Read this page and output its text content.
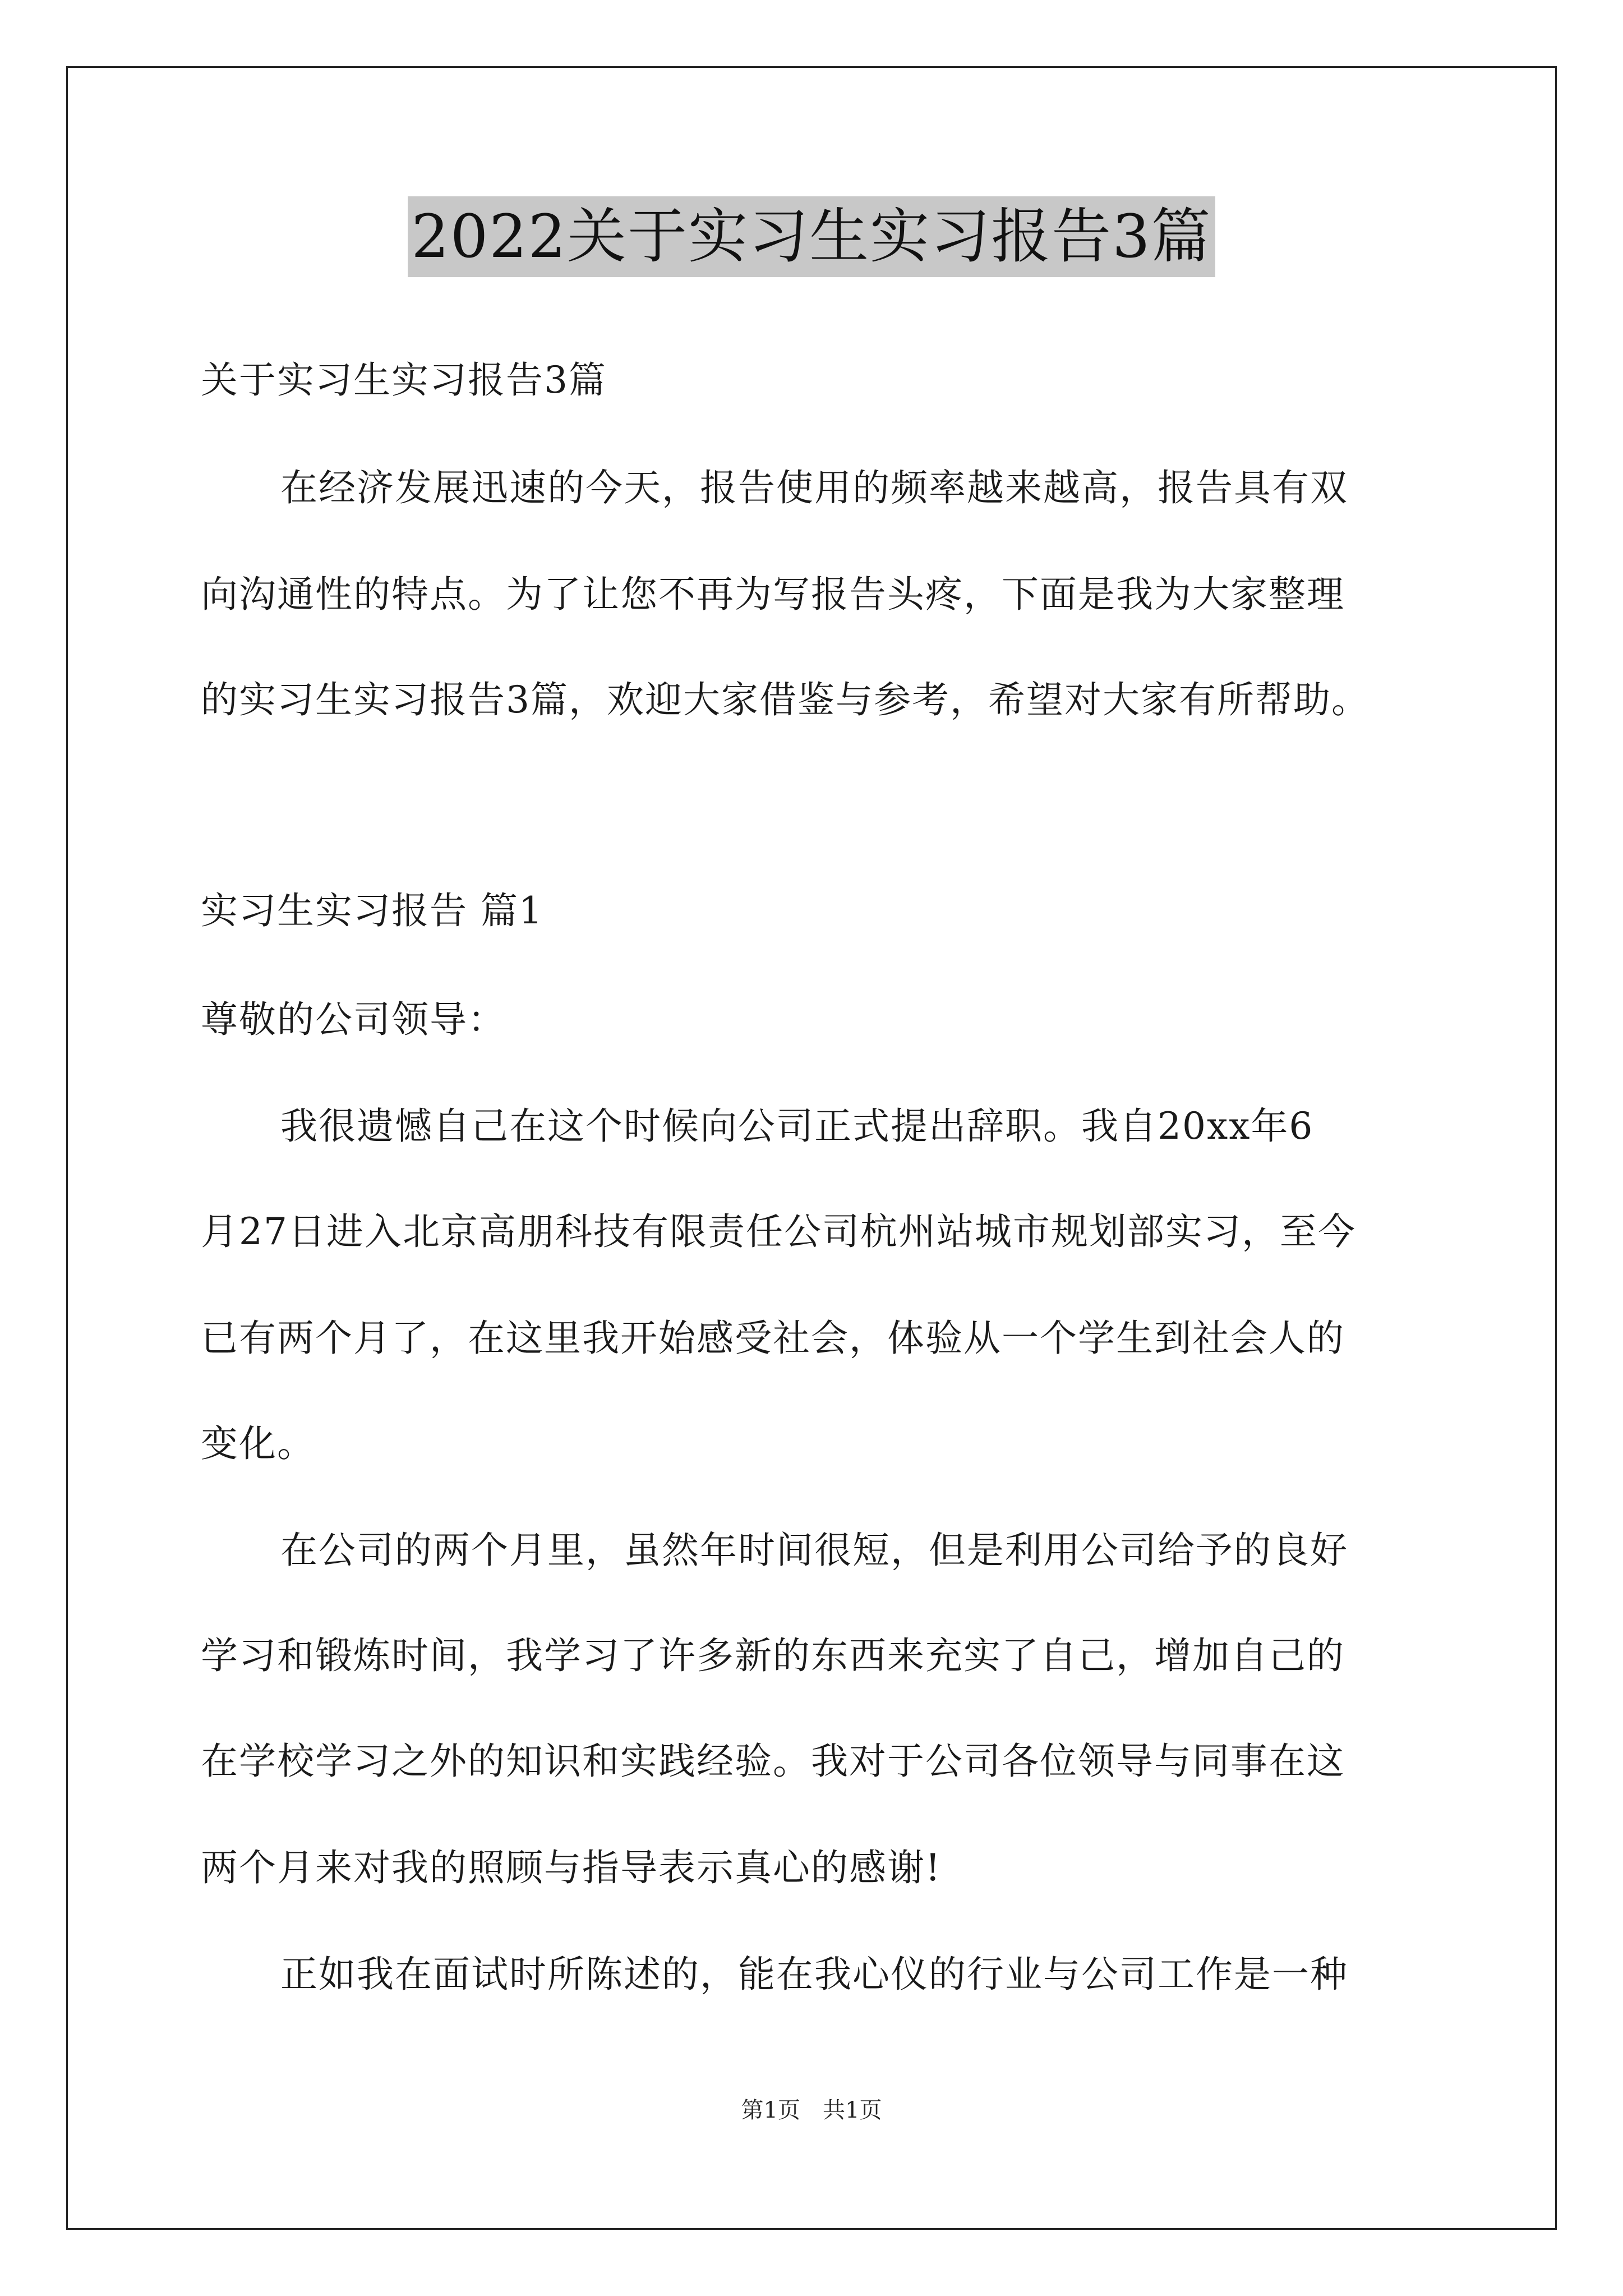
2022关于实习生实习报告3篇
关于实习生实习报告3篇
在经济发展迅速的今天，报告使用的频率越来越高，报告具有双
向沟通性的特点。为了让您不再为写报告头疼，下面是我为大家整理
的实习生实习报告3篇，欢迎大家借鉴与参考，希望对大家有所帮助。
实习生实习报告 篇1
尊敬的公司领导：
我很遗憾自己在这个时候向公司正式提出辞职。我自20xx年6
月27日进入北京高朋科技有限责任公司杭州站城市规划部实习，至今
已有两个月了，在这里我开始感受社会，体验从一个学生到社会人的
变化。
在公司的两个月里，虽然年时间很短，但是利用公司给予的良好
学习和锻炼时间，我学习了许多新的东西来充实了自己，增加自己的
在学校学习之外的知识和实践经验。我对于公司各位领导与同事在这
两个月来对我的照顾与指导表示真心的感谢!
正如我在面试时所陈述的，能在我心仪的行业与公司工作是一种
第1页　共1页
